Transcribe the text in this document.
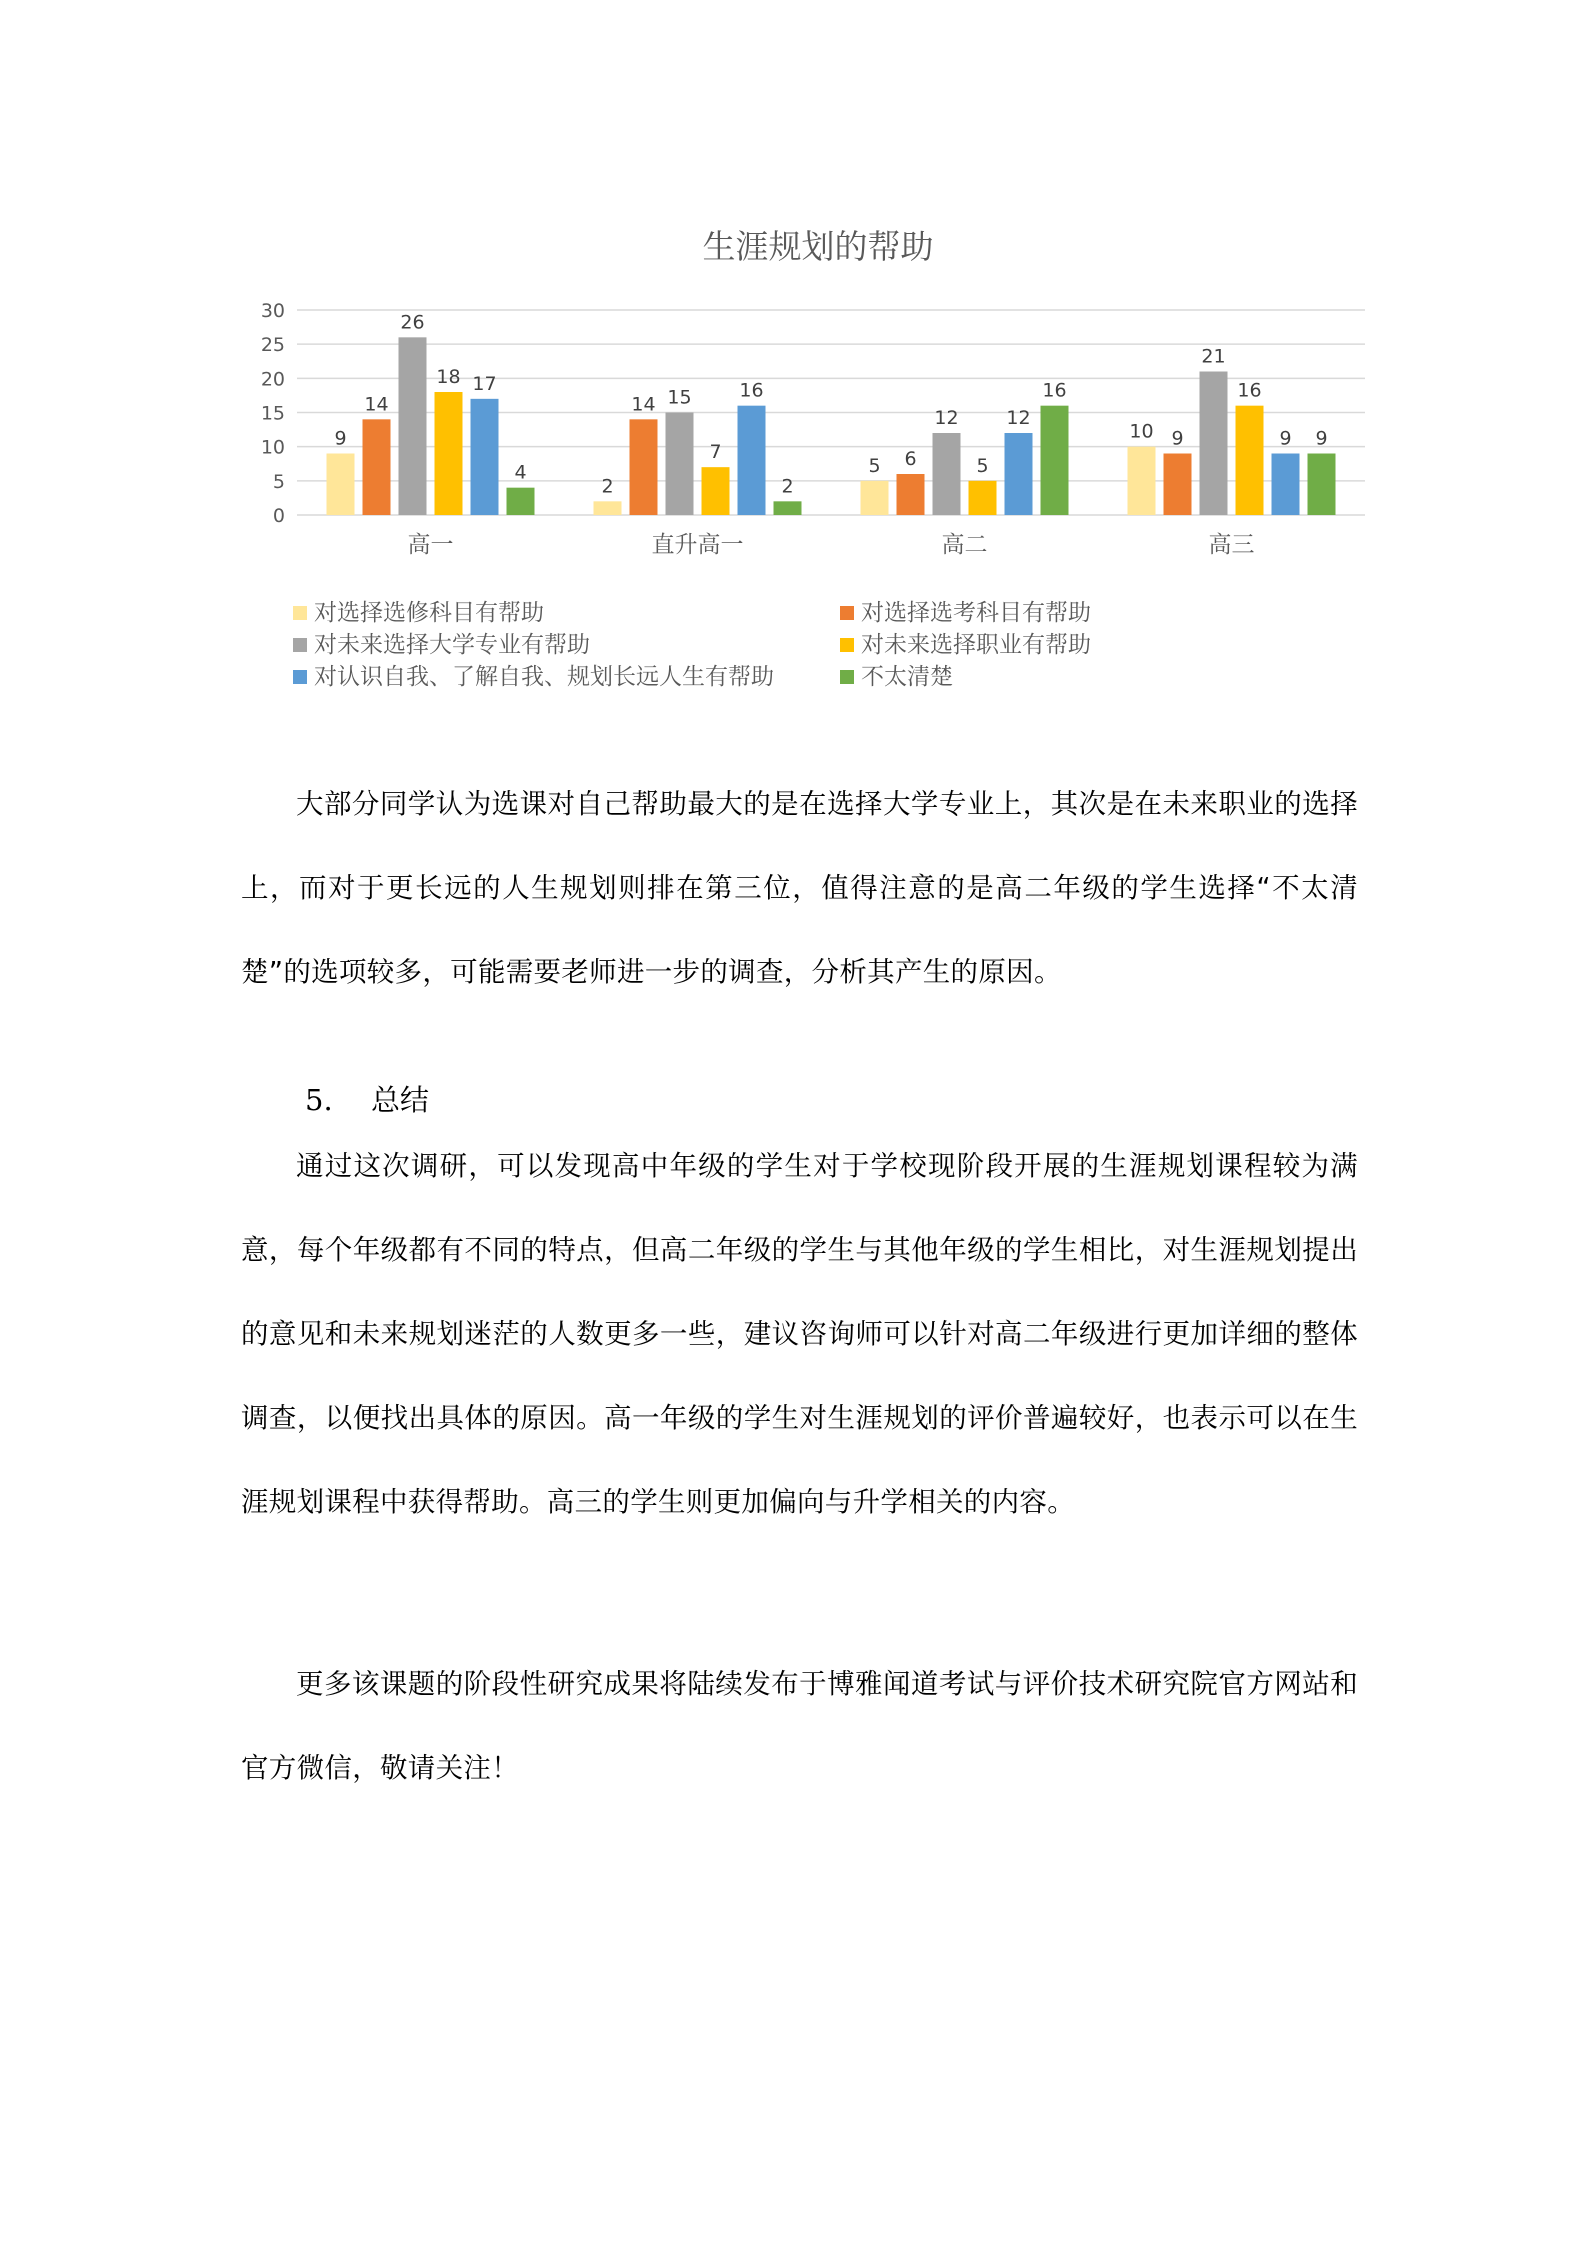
生涯规划的帮助
0
5
10
15
20
25
30
9
14
26
18 17
4
2
14 15
7
16
2
5 6
12
5
12
16
10 9
21
16
9 9
高一	直升高一	高二	高三
对选择选修科目有帮助	对选择选考科目有帮助
对未来选择大学专业有帮助	对未来选择职业有帮助
对认识自我、了解自我、规划长远人生有帮助	不太清楚

大部分同学认为选课对自己帮助最大的是在选择大学专业上，其次是在未来职业的选择上，而对于更长远的人生规划则排在第三位，值得注意的是高二年级的学生选择“不太清楚”的选项较多，可能需要老师进一步的调查，分析其产生的原因。

5. 总结

通过这次调研，可以发现高中年级的学生对于学校现阶段开展的生涯规划课程较为满意，每个年级都有不同的特点，但高二年级的学生与其他年级的学生相比，对生涯规划提出的意见和未来规划迷茫的人数更多一些，建议咨询师可以针对高二年级进行更加详细的整体调查，以便找出具体的原因。高一年级的学生对生涯规划的评价普遍较好，也表示可以在生涯规划课程中获得帮助。高三的学生则更加偏向与升学相关的内容。

更多该课题的阶段性研究成果将陆续发布于博雅闻道考试与评价技术研究院官方网站和官方微信，敬请关注！
